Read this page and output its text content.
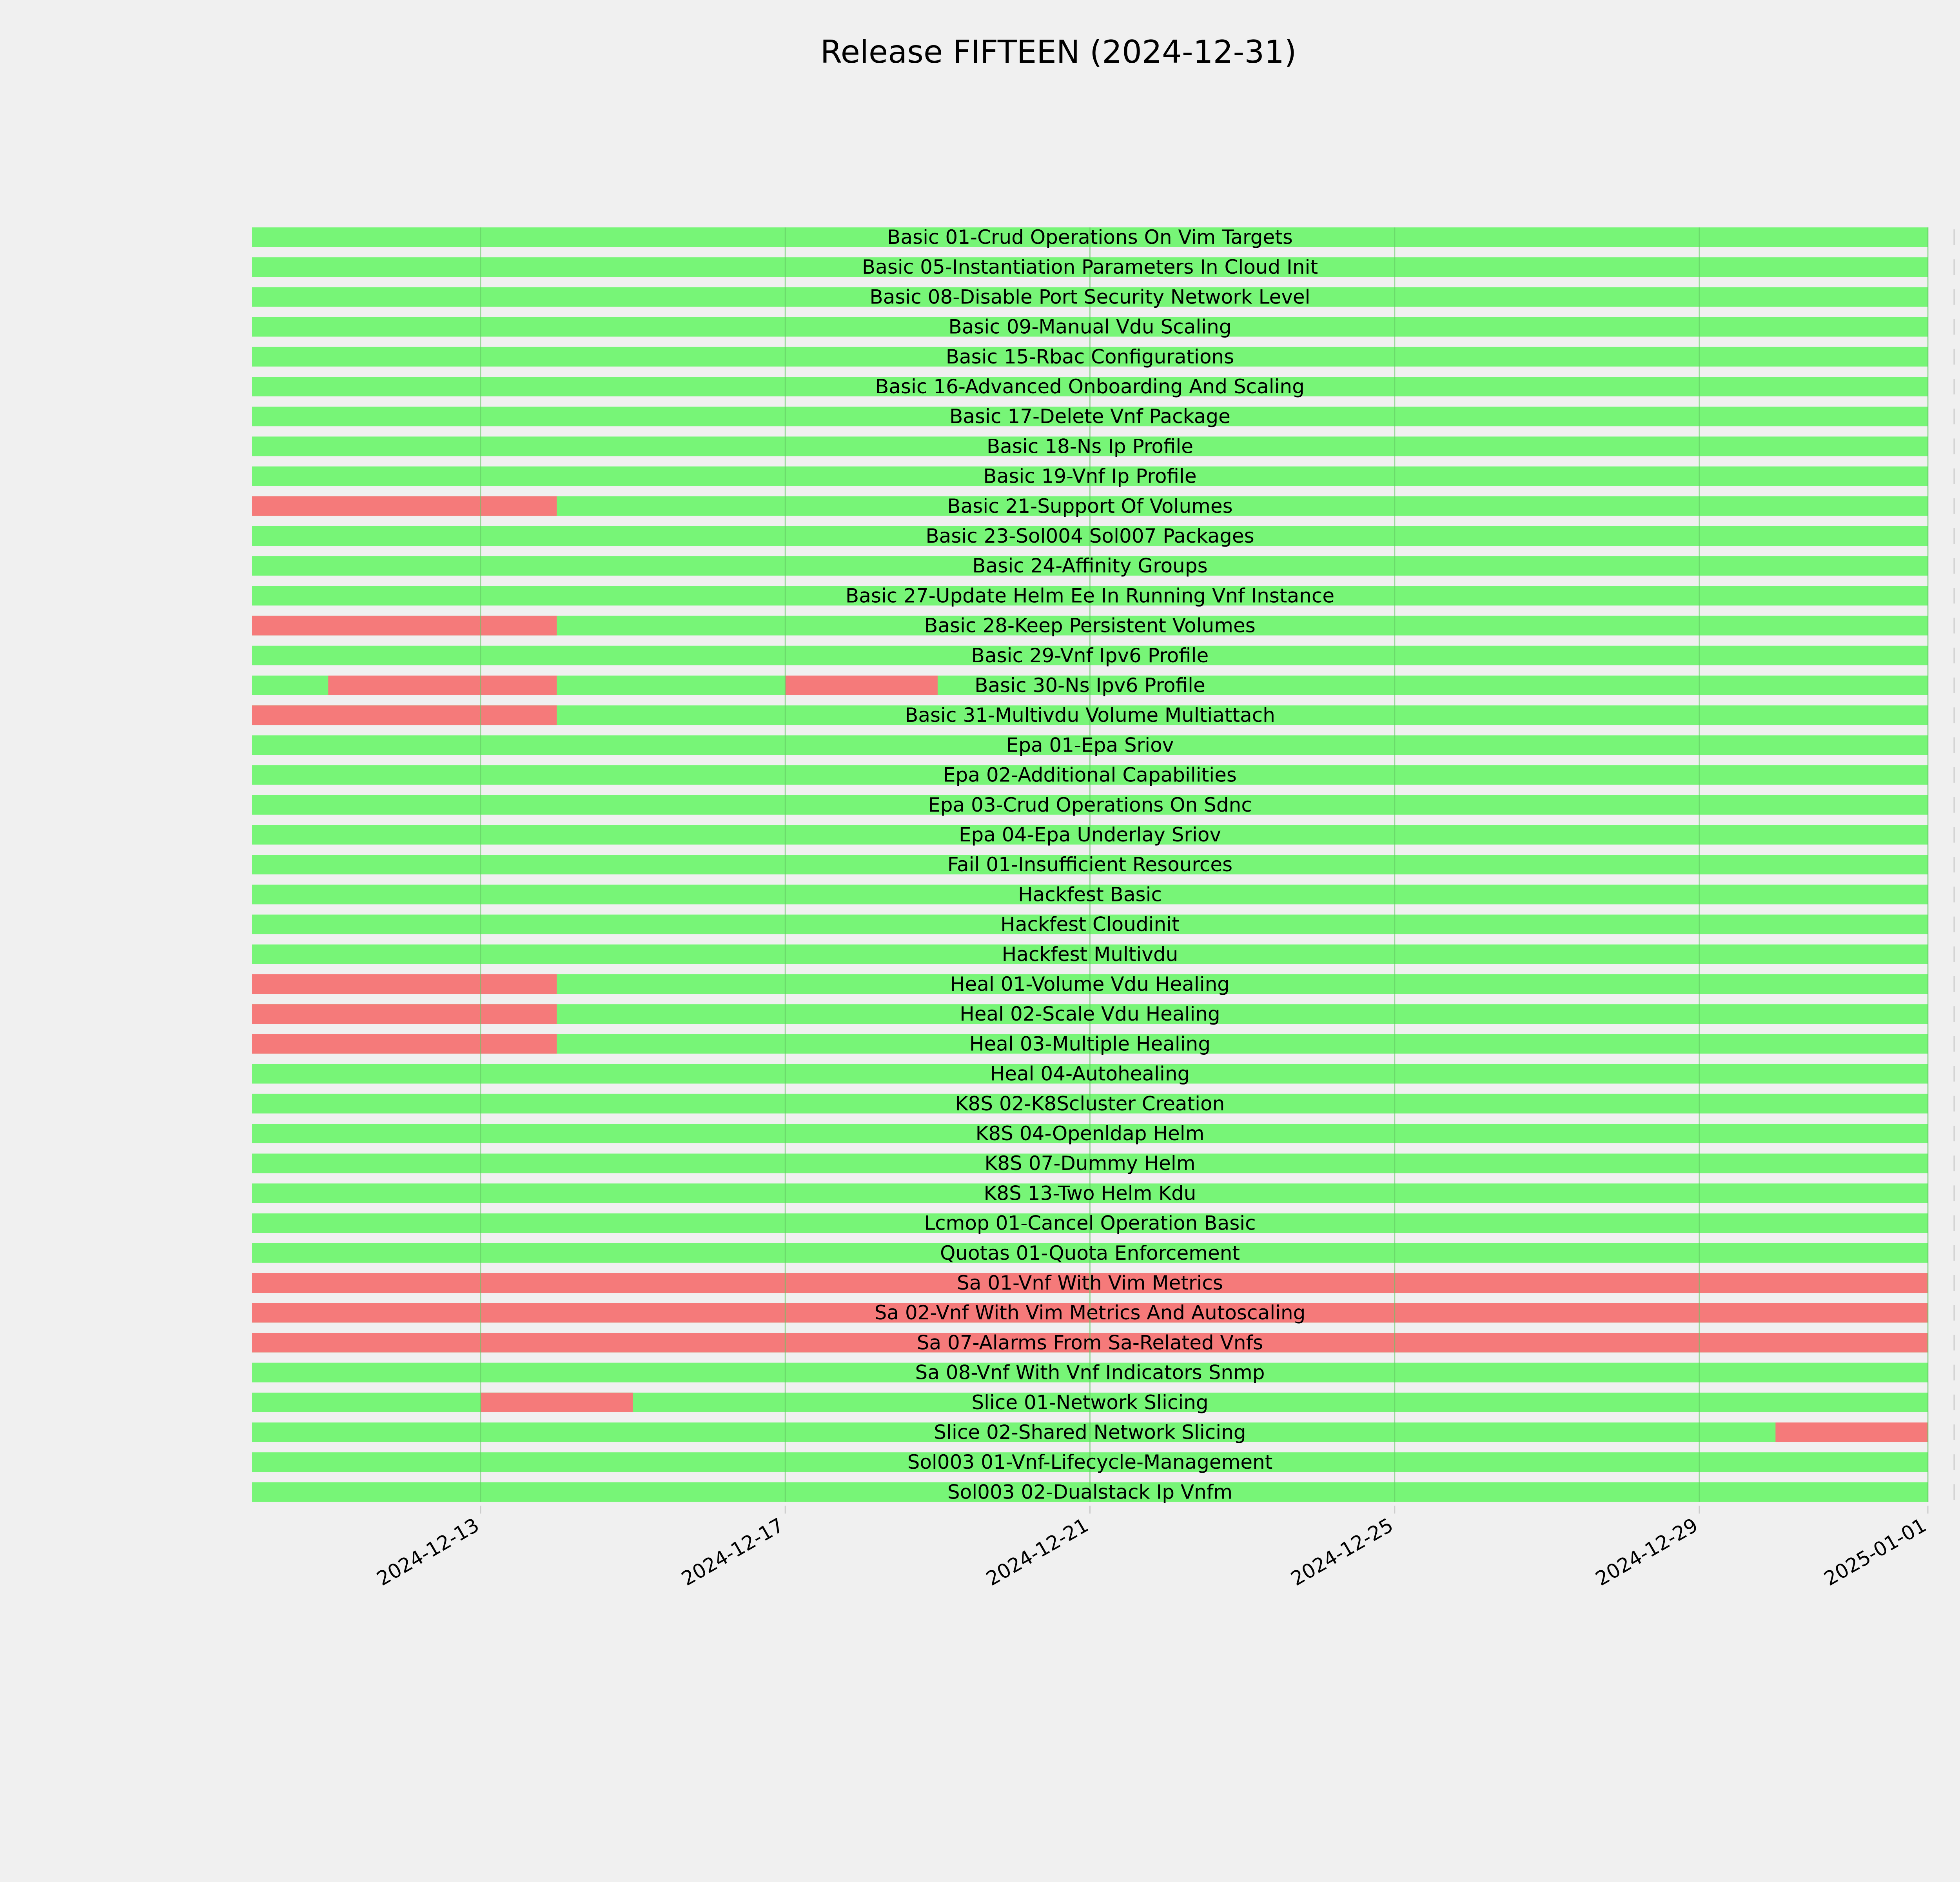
Release FIFTEEN (2024-12-31)
Basic 01-Crud Operations On Vim Targets
Basic 05-Instantiation Parameters In Cloud Init
Basic 08-Disable Port Security Network Level
Basic 09-Manual Vdu Scaling
Basic 15-Rbac Configurations
Basic 16-Advanced Onboarding And Scaling
Basic 17-Delete Vnf Package
Basic 18-Ns Ip Profile
Basic 19-Vnf Ip Profile
Basic 21-Support Of Volumes
Basic 23-Sol004 Sol007 Packages
Basic 24-Affinity Groups
Basic 27-Update Helm Ee In Running Vnf Instance
Basic 28-Keep Persistent Volumes
Basic 29-Vnf Ipv6 Profile
Basic 30-Ns Ipv6 Profile
Basic 31-Multivdu Volume Multiattach
Epa 01-Epa Sriov
Epa 02-Additional Capabilities
Epa 03-Crud Operations On Sdnc
Epa 04-Epa Underlay Sriov
Fail 01-Insufficient Resources
Hackfest Basic
Hackfest Cloudinit
Hackfest Multivdu
Heal 01-Volume Vdu Healing
Heal 02-Scale Vdu Healing
Heal 03-Multiple Healing
Heal 04-Autohealing
K8S 02-K8Scluster Creation
K8S 04-Openldap Helm
K8S 07-Dummy Helm
K8S 13-Two Helm Kdu
Lcmop 01-Cancel Operation Basic
Quotas 01-Quota Enforcement
Sa 01-Vnf With Vim Metrics
Sa 02-Vnf With Vim Metrics And Autoscaling
Sa 07-Alarms From Sa-Related Vnfs
Sa 08-Vnf With Vnf Indicators Snmp
Slice 01-Network Slicing
Slice 02-Shared Network Slicing
Sol003 01-Vnf-Lifecycle-Management
Sol003 02-Dualstack Ip Vnfm
2024-12-13	2024-12-17	2024-12-21	2024-12-25	2024-12-29	2025-01-01
